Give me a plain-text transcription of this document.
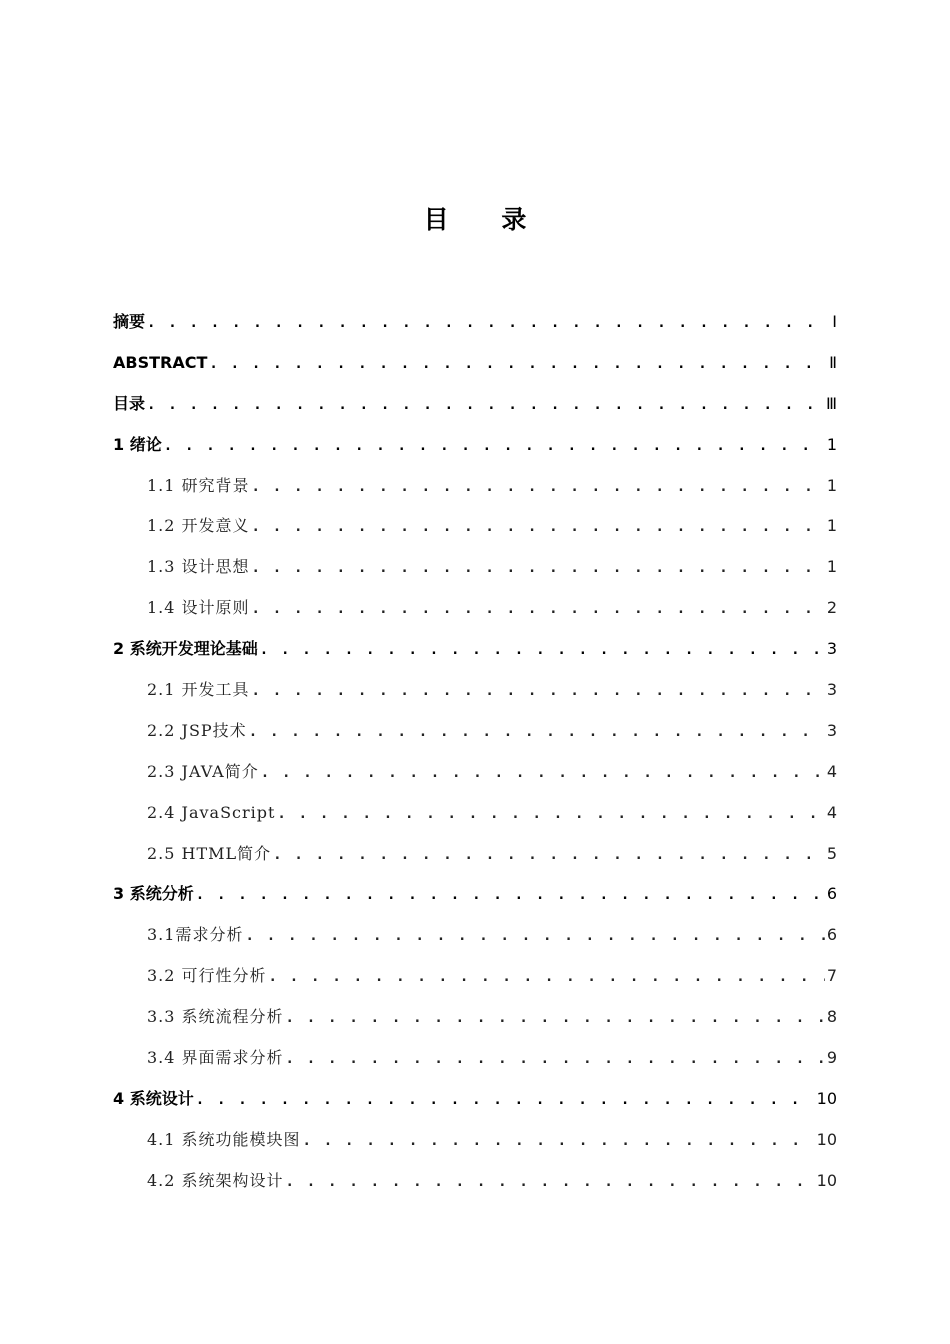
目 录
摘要 . . .	Ⅰ
ABSTRACT . . .	Ⅱ
目录 . . .	Ⅲ
1 绪论 . . .	1
1.1 研究背景 . . .	1
1.2 开发意义 . . .	1
1.3 设计思想 . . .	1
1.4 设计原则 . . .	2
2 系统开发理论基础 . . .	3
2.1 开发工具 . . .	3
2.2 JSP技术 . . .	3
2.3 JAVA简介 . . .	4
2.4 JavaScript . . .	4
2.5 HTML简介 . . .	5
3 系统分析 . . .	6
3.1需求分析 . . .	6
3.2 可行性分析 . . .	7
3.3 系统流程分析 . . .	8
3.4 界面需求分析 . . .	9
4 系统设计 . . .	10
4.1 系统功能模块图 . . .	10
4.2 系统架构设计 . . .	10
